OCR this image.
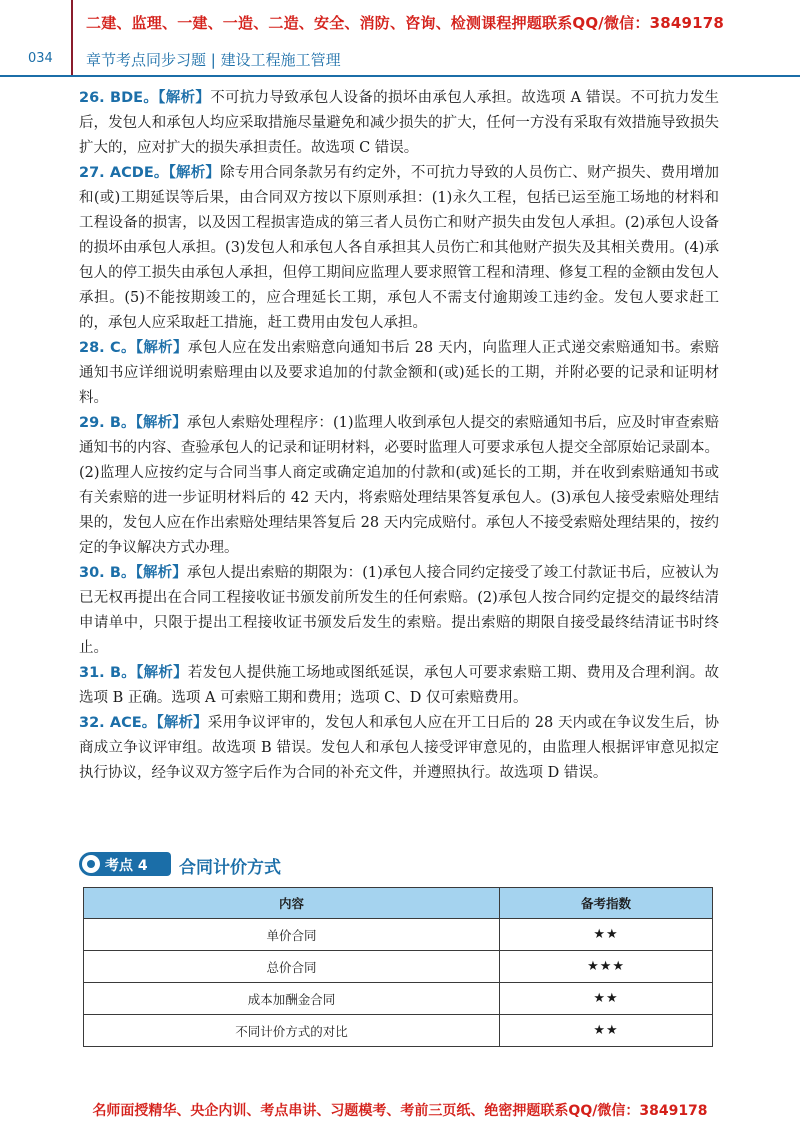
二建、监理、一建、一造、二造、安全、消防、咨询、检测课程押题联系QQ/微信：3849178
034 章节考点同步习题 | 建设工程施工管理

26. BDE。【解析】不可抗力导致承包人设备的损坏由承包人承担。故选项 A 错误。不可抗力发生后，发包人和承包人均应采取措施尽量避免和减少损失的扩大，任何一方没有采取有效措施导致损失扩大的，应对扩大的损失承担责任。故选项 C 错误。

27. ACDE。【解析】除专用合同条款另有约定外，不可抗力导致的人员伤亡、财产损失、费用增加和(或)工期延误等后果，由合同双方按以下原则承担：(1)永久工程，包括已运至施工场地的材料和工程设备的损害，以及因工程损害造成的第三者人员伤亡和财产损失由发包人承担。(2)承包人设备的损坏由承包人承担。(3)发包人和承包人各自承担其人员伤亡和其他财产损失及其相关费用。(4)承包人的停工损失由承包人承担，但停工期间应监理人要求照管工程和清理、修复工程的金额由发包人承担。(5)不能按期竣工的，应合理延长工期，承包人不需支付逾期竣工违约金。发包人要求赶工的，承包人应采取赶工措施，赶工费用由发包人承担。

28. C。【解析】承包人应在发出索赔意向通知书后 28 天内，向监理人正式递交索赔通知书。索赔通知书应详细说明索赔理由以及要求追加的付款金额和(或)延长的工期，并附必要的记录和证明材料。

29. B。【解析】承包人索赔处理程序：(1)监理人收到承包人提交的索赔通知书后，应及时审查索赔通知书的内容、查验承包人的记录和证明材料，必要时监理人可要求承包人提交全部原始记录副本。(2)监理人应按约定与合同当事人商定或确定追加的付款和(或)延长的工期，并在收到索赔通知书或有关索赔的进一步证明材料后的 42 天内，将索赔处理结果答复承包人。(3)承包人接受索赔处理结果的，发包人应在作出索赔处理结果答复后 28 天内完成赔付。承包人不接受索赔处理结果的，按约定的争议解决方式办理。

30. B。【解析】承包人提出索赔的期限为：(1)承包人接合同约定接受了竣工付款证书后，应被认为已无权再提出在合同工程接收证书颁发前所发生的任何索赔。(2)承包人按合同约定提交的最终结清申请单中，只限于提出工程接收证书颁发后发生的索赔。提出索赔的期限自接受最终结清证书时终止。

31. B。【解析】若发包人提供施工场地或图纸延误，承包人可要求索赔工期、费用及合理利润。故选项 B 正确。选项 A 可索赔工期和费用；选项 C、D 仅可索赔费用。

32. ACE。【解析】采用争议评审的，发包人和承包人应在开工日后的 28 天内或在争议发生后，协商成立争议评审组。故选项 B 错误。发包人和承包人接受评审意见的，由监理人根据评审意见拟定执行协议，经争议双方签字后作为合同的补充文件，并遵照执行。故选项 D 错误。

考点 4 合同计价方式
内容	备考指数
单价合同	★★
总价合同	★★★
成本加酬金合同	★★
不同计价方式的对比	★★
名师面授精华、央企内训、考点串讲、习题模考、考前三页纸、绝密押题联系QQ/微信：3849178
